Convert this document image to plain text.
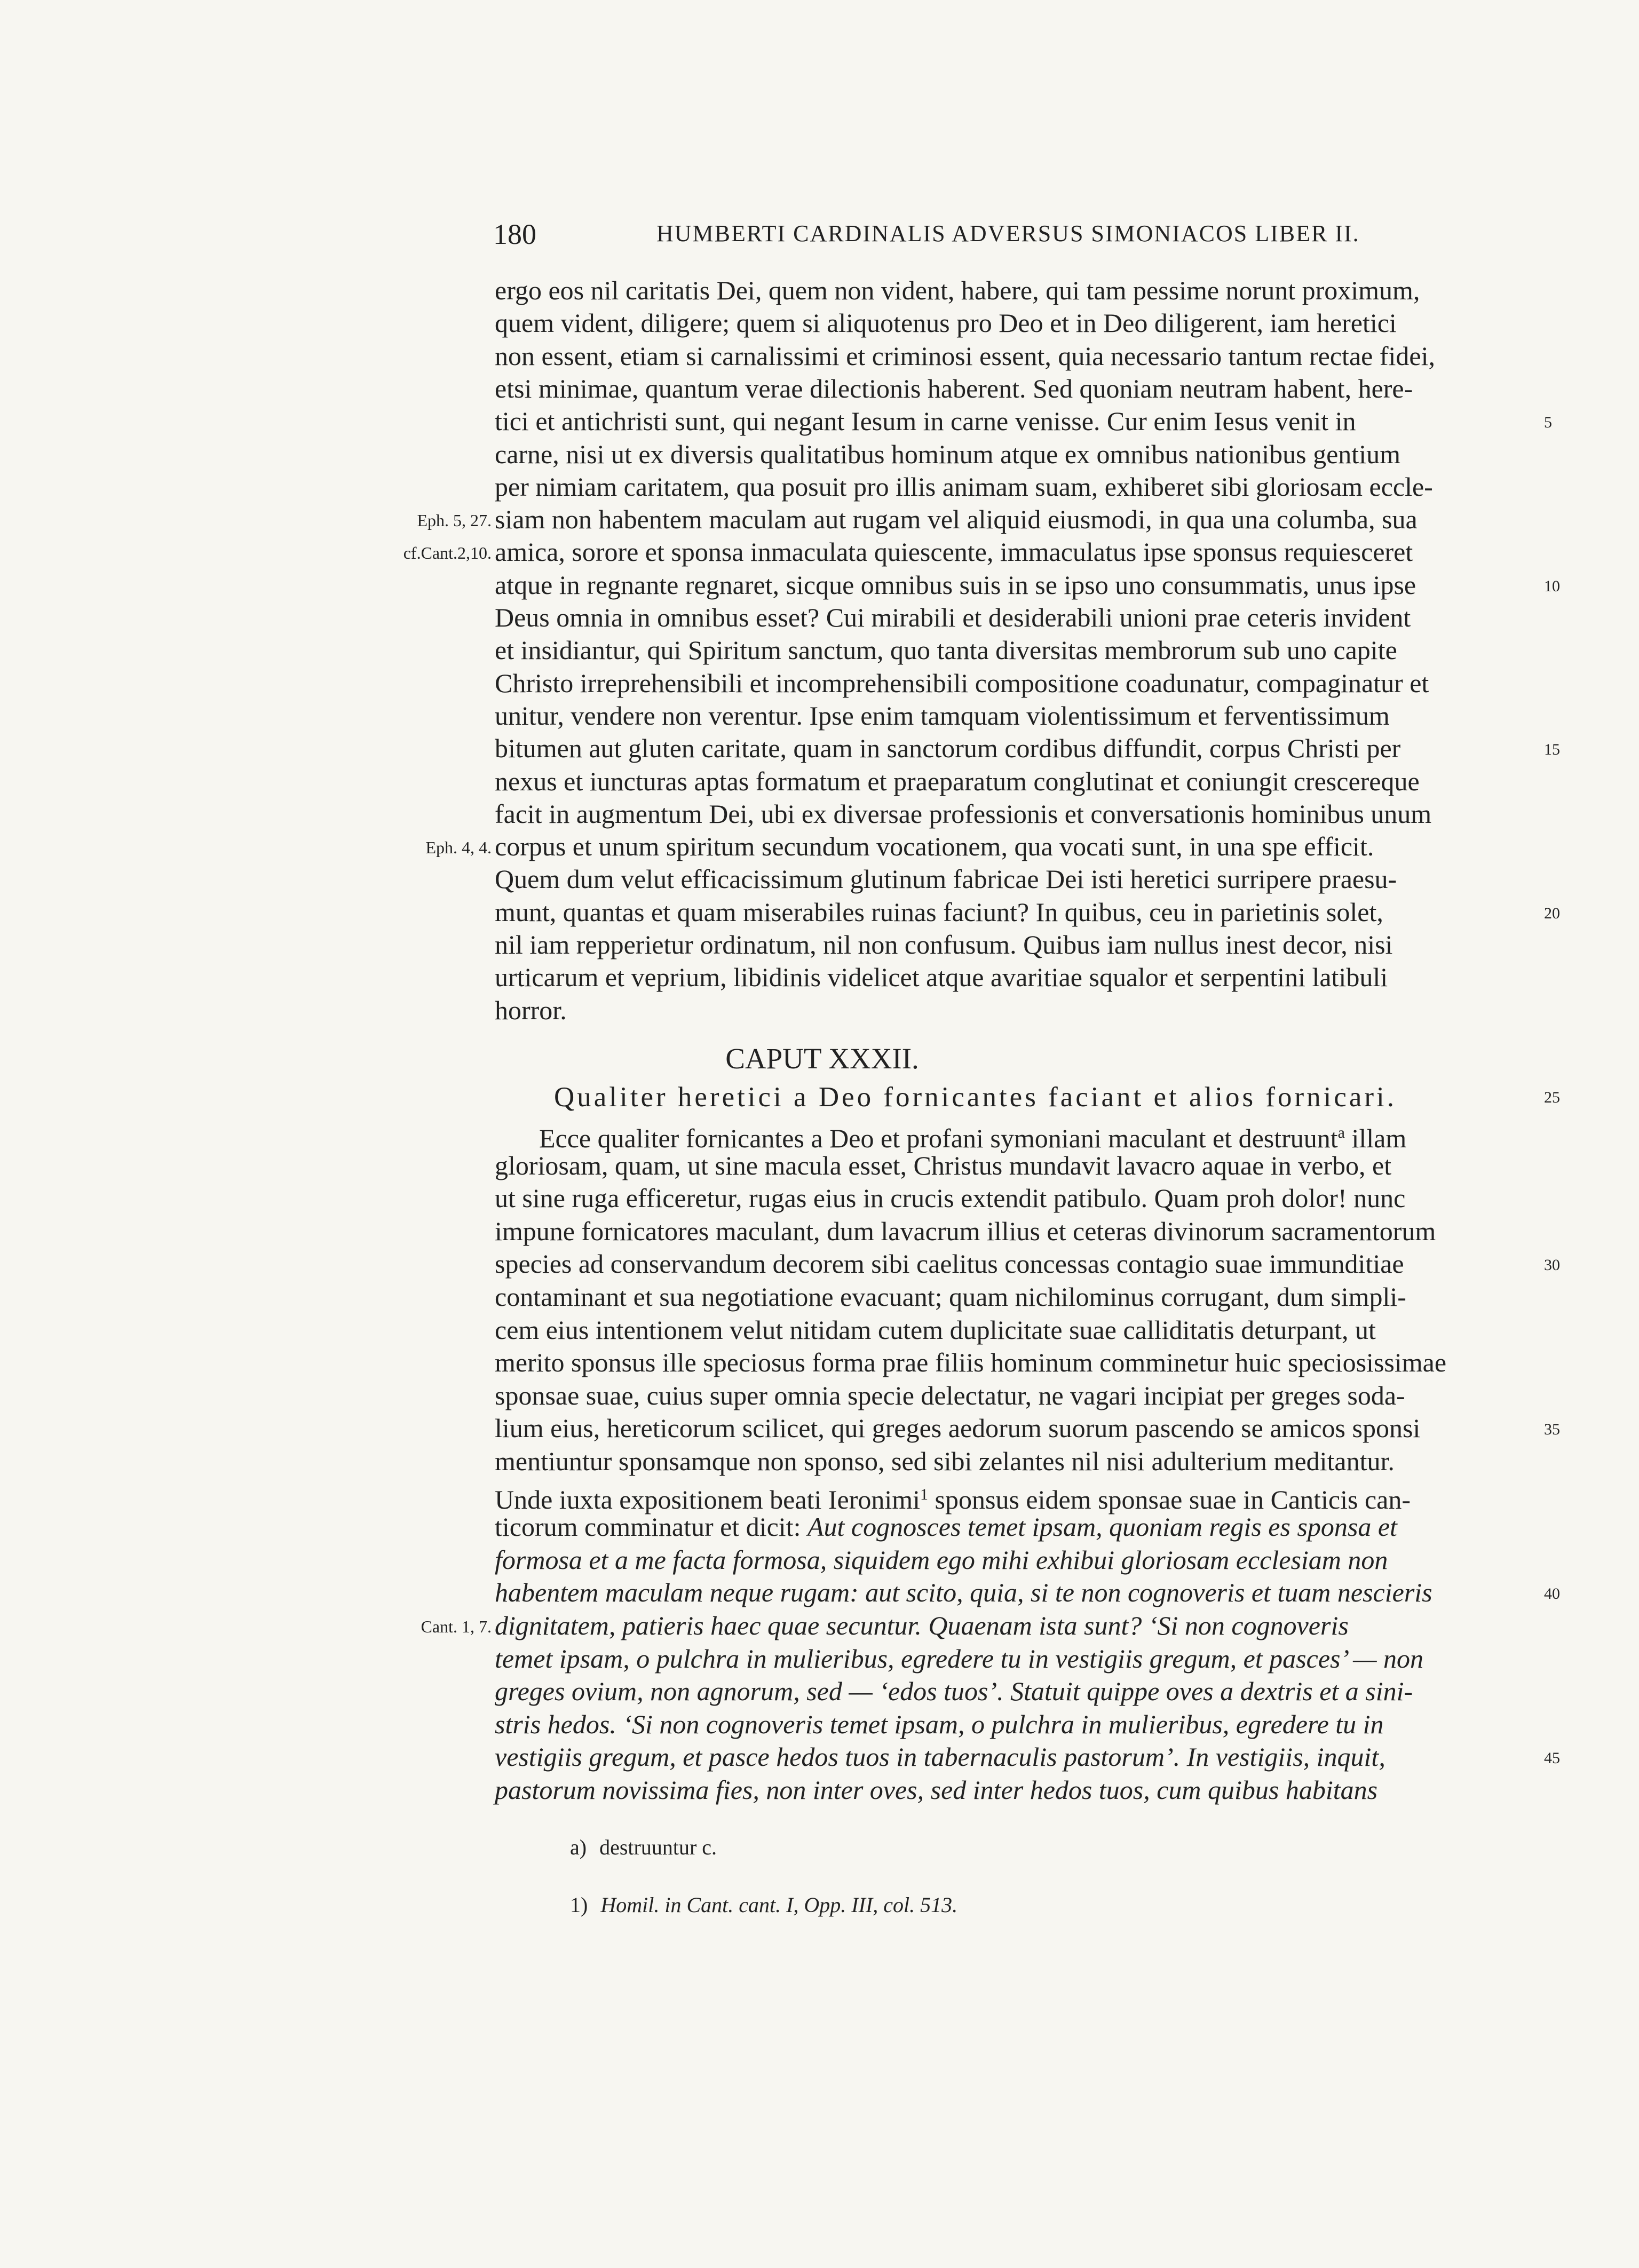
180	HUMBERTI CARDINALIS ADVERSUS SIMONIACOS LIBER II.
ergo eos nil caritatis Dei, quem non vident, habere, qui tam pessime norunt proximum,
quem vident, diligere; quem si aliquotenus pro Deo et in Deo diligerent, iam heretici
non essent, etiam si carnalissimi et criminosi essent, quia necessario tantum rectae fidei,
etsi minimae, quantum verae dilectionis haberent. Sed quoniam neutram habent, here-
tici et antichristi sunt, qui negant Iesum in carne venisse. Cur enim Iesus venit in	5
carne, nisi ut ex diversis qualitatibus hominum atque ex omnibus nationibus gentium
per nimiam caritatem, qua posuit pro illis animam suam, exhiberet sibi gloriosam eccle-
siam non habentem maculam aut rugam vel aliquid eiusmodi, in qua una columba, sua
Eph. 5, 27.
amica, sorore et sponsa inmaculata quiescente, immaculatus ipse sponsus requiesceret
cf.Cant.2,10.
atque in regnante regnaret, sicque omnibus suis in se ipso uno consummatis, unus ipse	10
Deus omnia in omnibus esset? Cui mirabili et desiderabili unioni prae ceteris invident
et insidiantur, qui Spiritum sanctum, quo tanta diversitas membrorum sub uno capite
Christo irreprehensibili et incomprehensibili compositione coadunatur, compaginatur et
unitur, vendere non verentur. Ipse enim tamquam violentissimum et ferventissimum
bitumen aut gluten caritate, quam in sanctorum cordibus diffundit, corpus Christi per	15
nexus et iuncturas aptas formatum et praeparatum conglutinat et coniungit crescereque
facit in augmentum Dei, ubi ex diversae professionis et conversationis hominibus unum
corpus et unum spiritum secundum vocationem, qua vocati sunt, in una spe efficit.
Eph. 4, 4.
Quem dum velut efficacissimum glutinum fabricae Dei isti heretici surripere praesu-
munt, quantas et quam miserabiles ruinas faciunt? In quibus, ceu in parietinis solet,	20
nil iam repperietur ordinatum, nil non confusum. Quibus iam nullus inest decor, nisi
urticarum et veprium, libidinis videlicet atque avaritiae squalor et serpentini latibuli
horror.
CAPUT XXXII.
Qualiter heretici a Deo fornicantes faciant et alios fornicari.	25
Ecce qualiter fornicantes a Deo et profani symoniani maculant et destruunt$^a$ illam
gloriosam, quam, ut sine macula esset, Christus mundavit lavacro aquae in verbo, et
ut sine ruga efficeretur, rugas eius in crucis extendit patibulo. Quam proh dolor! nunc
impune fornicatores maculant, dum lavacrum illius et ceteras divinorum sacramentorum
species ad conservandum decorem sibi caelitus concessas contagio suae immunditiae	30
contaminant et sua negotiatione evacuant; quam nichilominus corrugant, dum simpli-
cem eius intentionem velut nitidam cutem duplicitate suae calliditatis deturpant, ut
merito sponsus ille speciosus forma prae filiis hominum comminetur huic speciosissimae
sponsae suae, cuius super omnia specie delectatur, ne vagari incipiat per greges soda-
lium eius, hereticorum scilicet, qui greges aedorum suorum pascendo se amicos sponsi	35
mentiuntur sponsamque non sponso, sed sibi zelantes nil nisi adulterium meditantur.
Unde iuxta expositionem beati Ieronimi$^1$ sponsus eidem sponsae suae in Canticis can-
ticorum comminatur et dicit: Aut cognosces temet ipsam, quoniam regis es sponsa et
formosa et a me facta formosa, siquidem ego mihi exhibui gloriosam ecclesiam non
habentem maculam neque rugam: aut scito, quia, si te non cognoveris et tuam nescieris	40
dignitatem, patieris haec quae secuntur. Quaenam ista sunt? ‘Si non cognoveris
Cant. 1, 7.
temet ipsam, o pulchra in mulieribus, egredere tu in vestigiis gregum, et pasces’ — non
greges ovium, non agnorum, sed — ‘edos tuos’. Statuit quippe oves a dextris et a sini-
stris hedos. ‘Si non cognoveris temet ipsam, o pulchra in mulieribus, egredere tu in
vestigiis gregum, et pasce hedos tuos in tabernaculis pastorum’. In vestigiis, inquit,	45
pastorum novissima fies, non inter oves, sed inter hedos tuos, cum quibus habitans
a) destruuntur c.
1) Homil. in Cant. cant. I, Opp. III, col. 513.
